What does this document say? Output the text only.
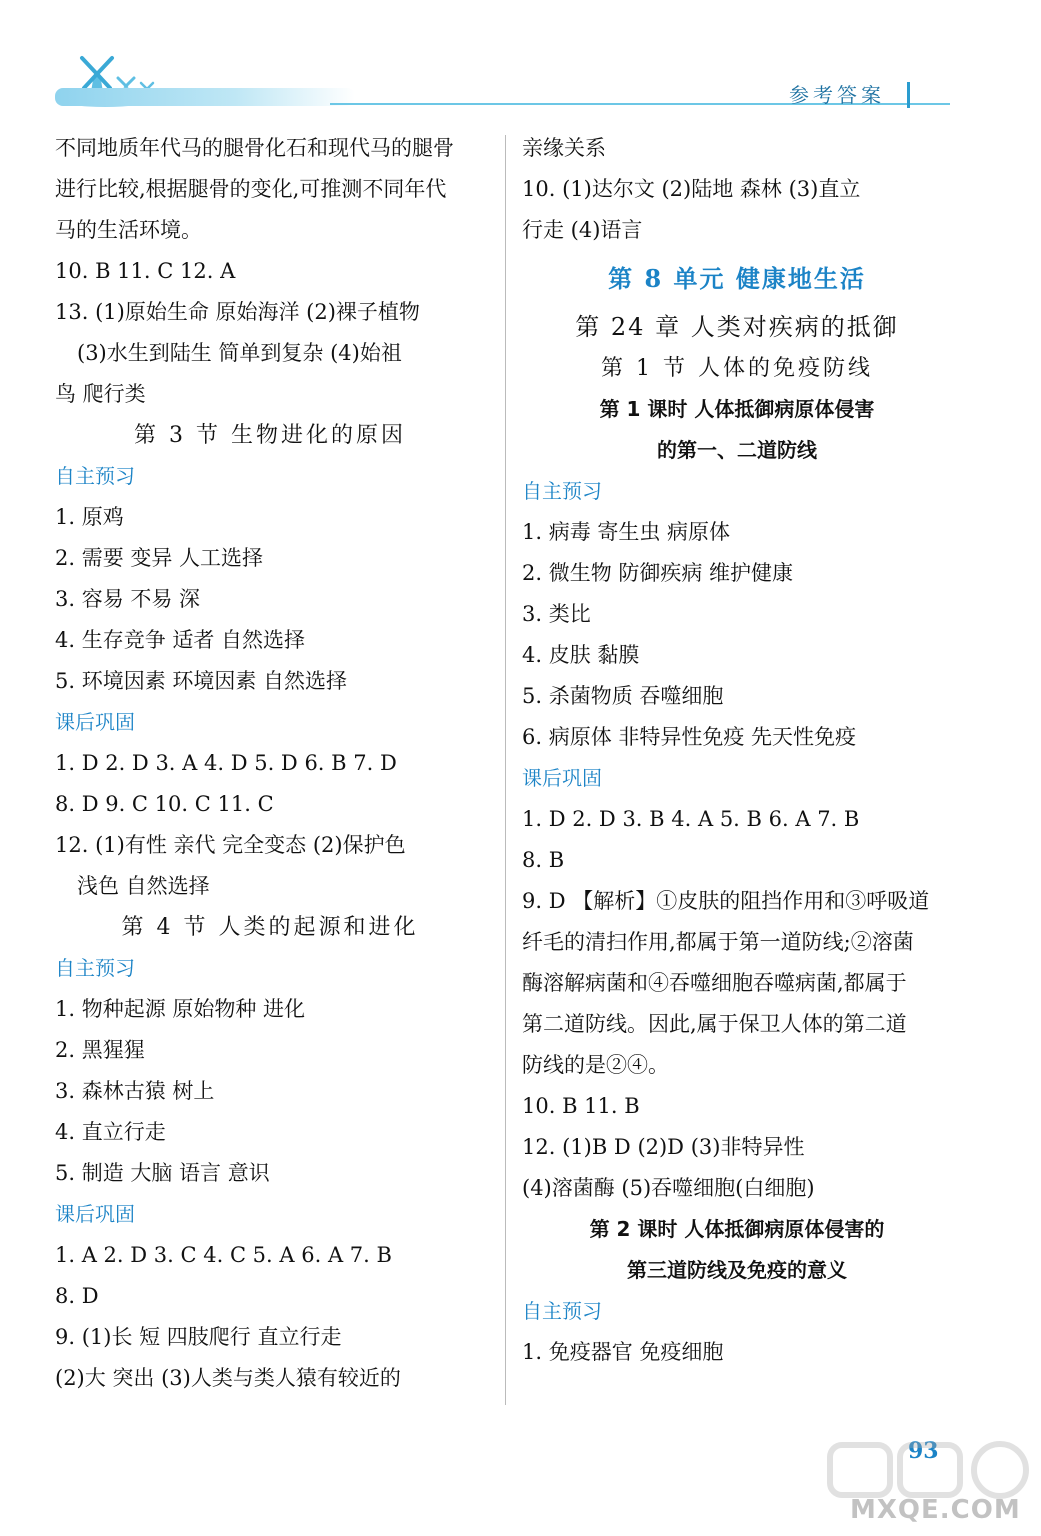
参考答案
不同地质年代马的腿骨化石和现代马的腿骨
进行比较,根据腿骨的变化,可推测不同年代
马的生活环境。
10. B 11. C 12. A
13. (1)原始生命 原始海洋 (2)裸子植物
(3)水生到陆生 简单到复杂 (4)始祖
鸟 爬行类
第 3 节 生物进化的原因
自主预习
1. 原鸡
2. 需要 变异 人工选择
3. 容易 不易 深
4. 生存竞争 适者 自然选择
5. 环境因素 环境因素 自然选择
课后巩固
1. D 2. D 3. A 4. D 5. D 6. B 7. D
8. D 9. C 10. C 11. C
12. (1)有性 亲代 完全变态 (2)保护色
浅色 自然选择
第 4 节 人类的起源和进化
自主预习
1. 物种起源 原始物种 进化
2. 黑猩猩
3. 森林古猿 树上
4. 直立行走
5. 制造 大脑 语言 意识
课后巩固
1. A 2. D 3. C 4. C 5. A 6. A 7. B
8. D
9. (1)长 短 四肢爬行 直立行走
(2)大 突出 (3)人类与类人猿有较近的
亲缘关系
10. (1)达尔文 (2)陆地 森林 (3)直立
行走 (4)语言
第 8 单元 健康地生活
第 24 章 人类对疾病的抵御
第 1 节 人体的免疫防线
第 1 课时 人体抵御病原体侵害
的第一、二道防线
自主预习
1. 病毒 寄生虫 病原体
2. 微生物 防御疾病 维护健康
3. 类比
4. 皮肤 黏膜
5. 杀菌物质 吞噬细胞
6. 病原体 非特异性免疫 先天性免疫
课后巩固
1. D 2. D 3. B 4. A 5. B 6. A 7. B
8. B
9. D 【解析】①皮肤的阻挡作用和③呼吸道
纤毛的清扫作用,都属于第一道防线;②溶菌
酶溶解病菌和④吞噬细胞吞噬病菌,都属于
第二道防线。因此,属于保卫人体的第二道
防线的是②④。
10. B 11. B
12. (1)B D (2)D (3)非特异性
(4)溶菌酶 (5)吞噬细胞(白细胞)
第 2 课时 人体抵御病原体侵害的
第三道防线及免疫的意义
自主预习
1. 免疫器官 免疫细胞
93
MXQE.COM
